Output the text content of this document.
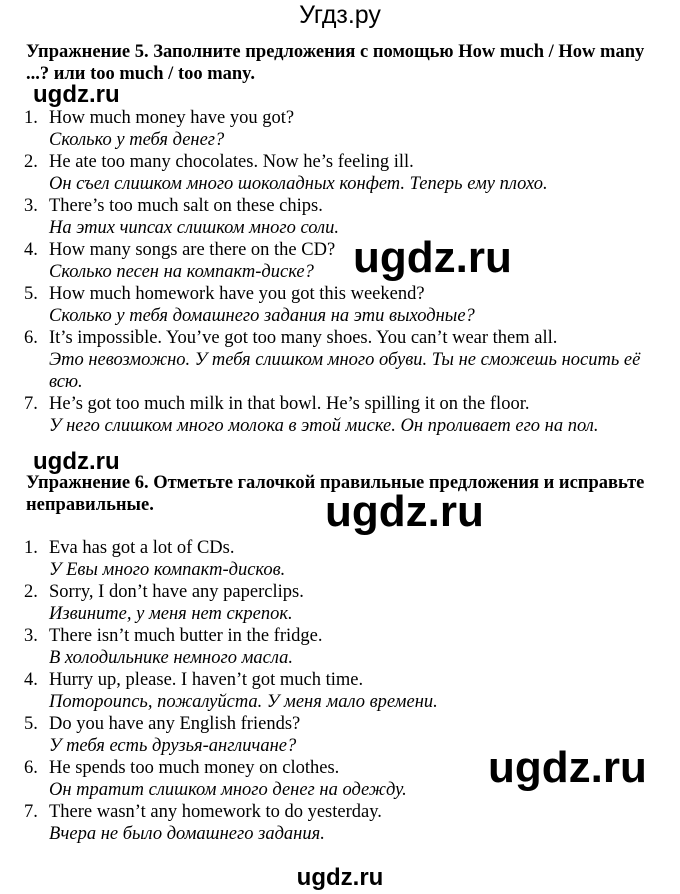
Угдз.ру
Упражнение 5. Заполните предложения с помощью How much / How many ...? или too much / too many.
ugdz.ru
1. How much money have you got?
Сколько у тебя денег?
2. He ate too many chocolates. Now he’s feeling ill.
Он съел слишком много шоколадных конфет. Теперь ему плохо.
3. There’s too much salt on these chips.
На этих чипсах слишком много соли.
4. How many songs are there on the CD?
Сколько песен на компакт-диске?
5. How much homework have you got this weekend?
Сколько у тебя домашнего задания на эти выходные?
6. It’s impossible. You’ve got too many shoes. You can’t wear them all.
Это невозможно. У тебя слишком много обуви. Ты не сможешь носить её всю.
7. He’s got too much milk in that bowl. He’s spilling it on the floor.
У него слишком много молока в этой миске. Он проливает его на пол.
ugdz.ru
ugdz.ru
Упражнение 6. Отметьте галочкой правильные предложения и исправьте неправильные.	ugdz.ru
1. Eva has got a lot of CDs.
У Евы много компакт-дисков.
2. Sorry, I don’t have any paperclips.
Извините, у меня нет скрепок.
3. There isn’t much butter in the fridge.
В холодильнике немного масла.
4. Hurry up, please. I haven’t got much time.
Потороипсь, пожалуйста. У меня мало времени.
5. Do you have any English friends?
У тебя есть друзья-англичане?
6. He spends too much money on clothes.
Он тратит слишком много денег на одежду.
7. There wasn’t any homework to do yesterday.
Вчера не было домашнего задания.
ugdz.ru
ugdz.ru
